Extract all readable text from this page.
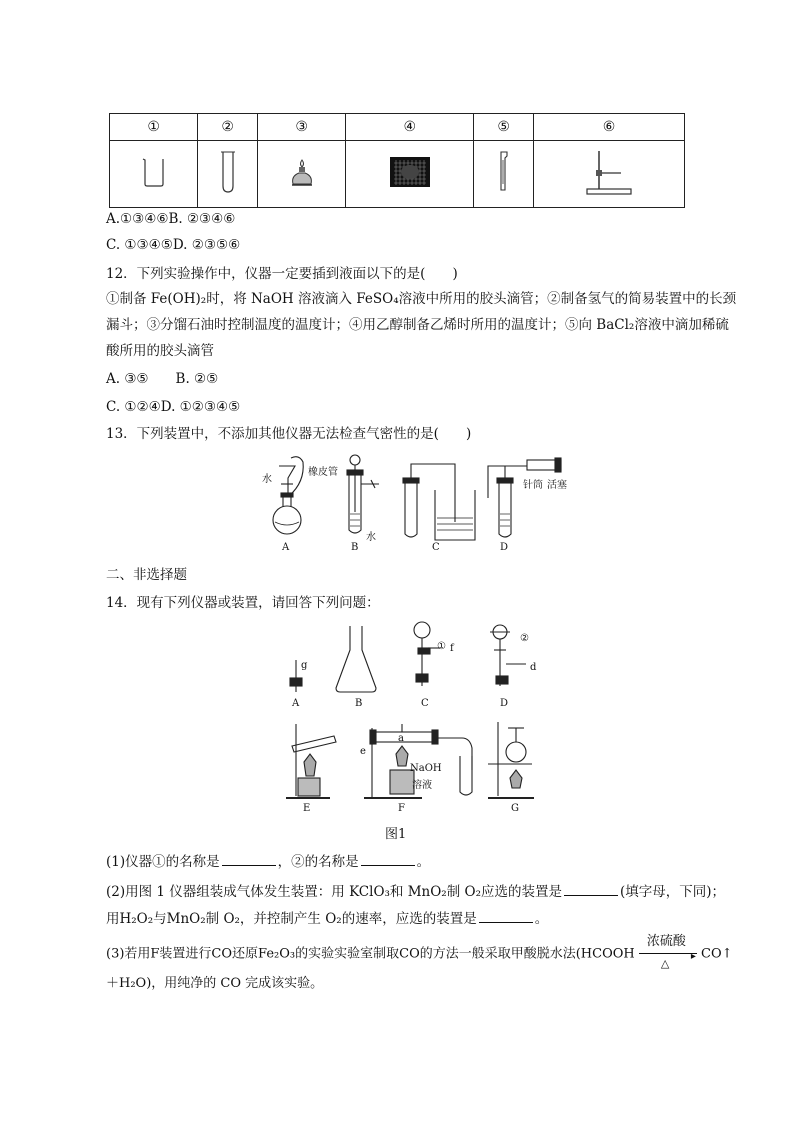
①	②	③	④	⑤	⑥

A.①③④⑥B. ②③④⑥
C. ①③④⑤D. ②③⑤⑥
12．下列实验操作中，仪器一定要插到液面以下的是(　　)
①制备 Fe(OH)₂时，将 NaOH 溶液滴入 FeSO₄溶液中所用的胶头滴管；②制备氢气的简易装置中的长颈
漏斗；③分馏石油时控制温度的温度计；④用乙醇制备乙烯时所用的温度计；⑤向 BaCl₂溶液中滴加稀硫
酸所用的胶头滴管
A. ③⑤　　B. ②⑤
C. ①②④D. ①②③④⑤
13．下列装置中，不添加其他仪器无法检查气密性的是(　　)
水
橡皮管
水
针筒 活塞
A	B	C	D
二、非选择题
14．现有下列仪器或装置，请回答下列问题：
g
① f
②
d
A	B	C	D
a
e
NaOH
溶液
E	F	G
图1
(1)仪器①的名称是	，②的名称是	。
(2)用图 1 仪器组装成气体发生装置：用 KClO₃和 MnO₂制 O₂应选的装置是	(填字母，下同)；
用H₂O₂与MnO₂制 O₂，并控制产生 O₂的速率，应选的装置是	。
(3)若用F装置进行CO还原Fe₂O₃的实验实验室制取CO的方法一般采取甲酸脱水法(HCOOH
浓硫酸
▸
△
CO↑
＋H₂O)，用纯净的 CO 完成该实验。
